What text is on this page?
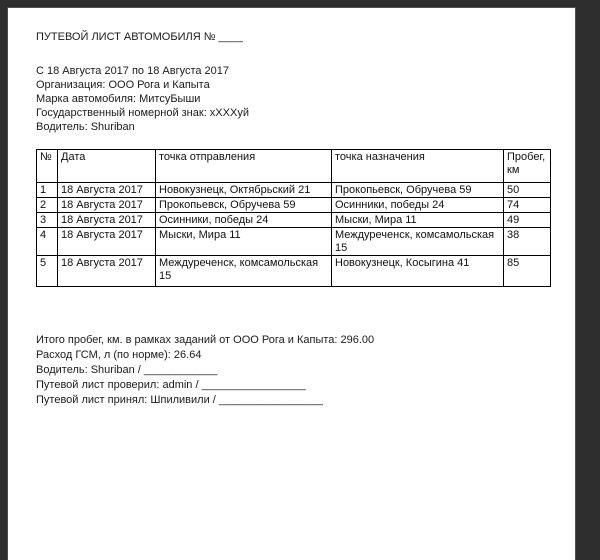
ПУТЕВОЙ ЛИСТ АВТОМОБИЛЯ № ____
С 18 Августа 2017 по 18 Августа 2017
Организация: ООО Рога и Капыта
Марка автомобиля: МитсуБыши
Государственный номерной знак: xXXXуй
Водитель: Shuriban
№	Дата	точка отправления	точка назначения	Пробег, км
1	18 Августа 2017	Новокузнецк, Октябрьский 21	Прокопьевск, Обручева 59	50
2	18 Августа 2017	Прокопьевск, Обручева 59	Осинники, победы 24	74
3	18 Августа 2017	Осинники, победы 24	Мыски, Мира 11	49
4	18 Августа 2017	Мыски, Мира 11	Междуреченск, комсамольская 15	38
5	18 Августа 2017	Междуреченск, комсамольская 15	Новокузнецк, Косыгина 41	85
Итого пробег, км. в рамках заданий от ООО Рога и Капыта: 296.00
Расход ГСМ, л (по норме): 26.64
Водитель: Shuriban / ____________
Путевой лист проверил: admin / _________________
Путевой лист принял: Шпиливили / _________________
